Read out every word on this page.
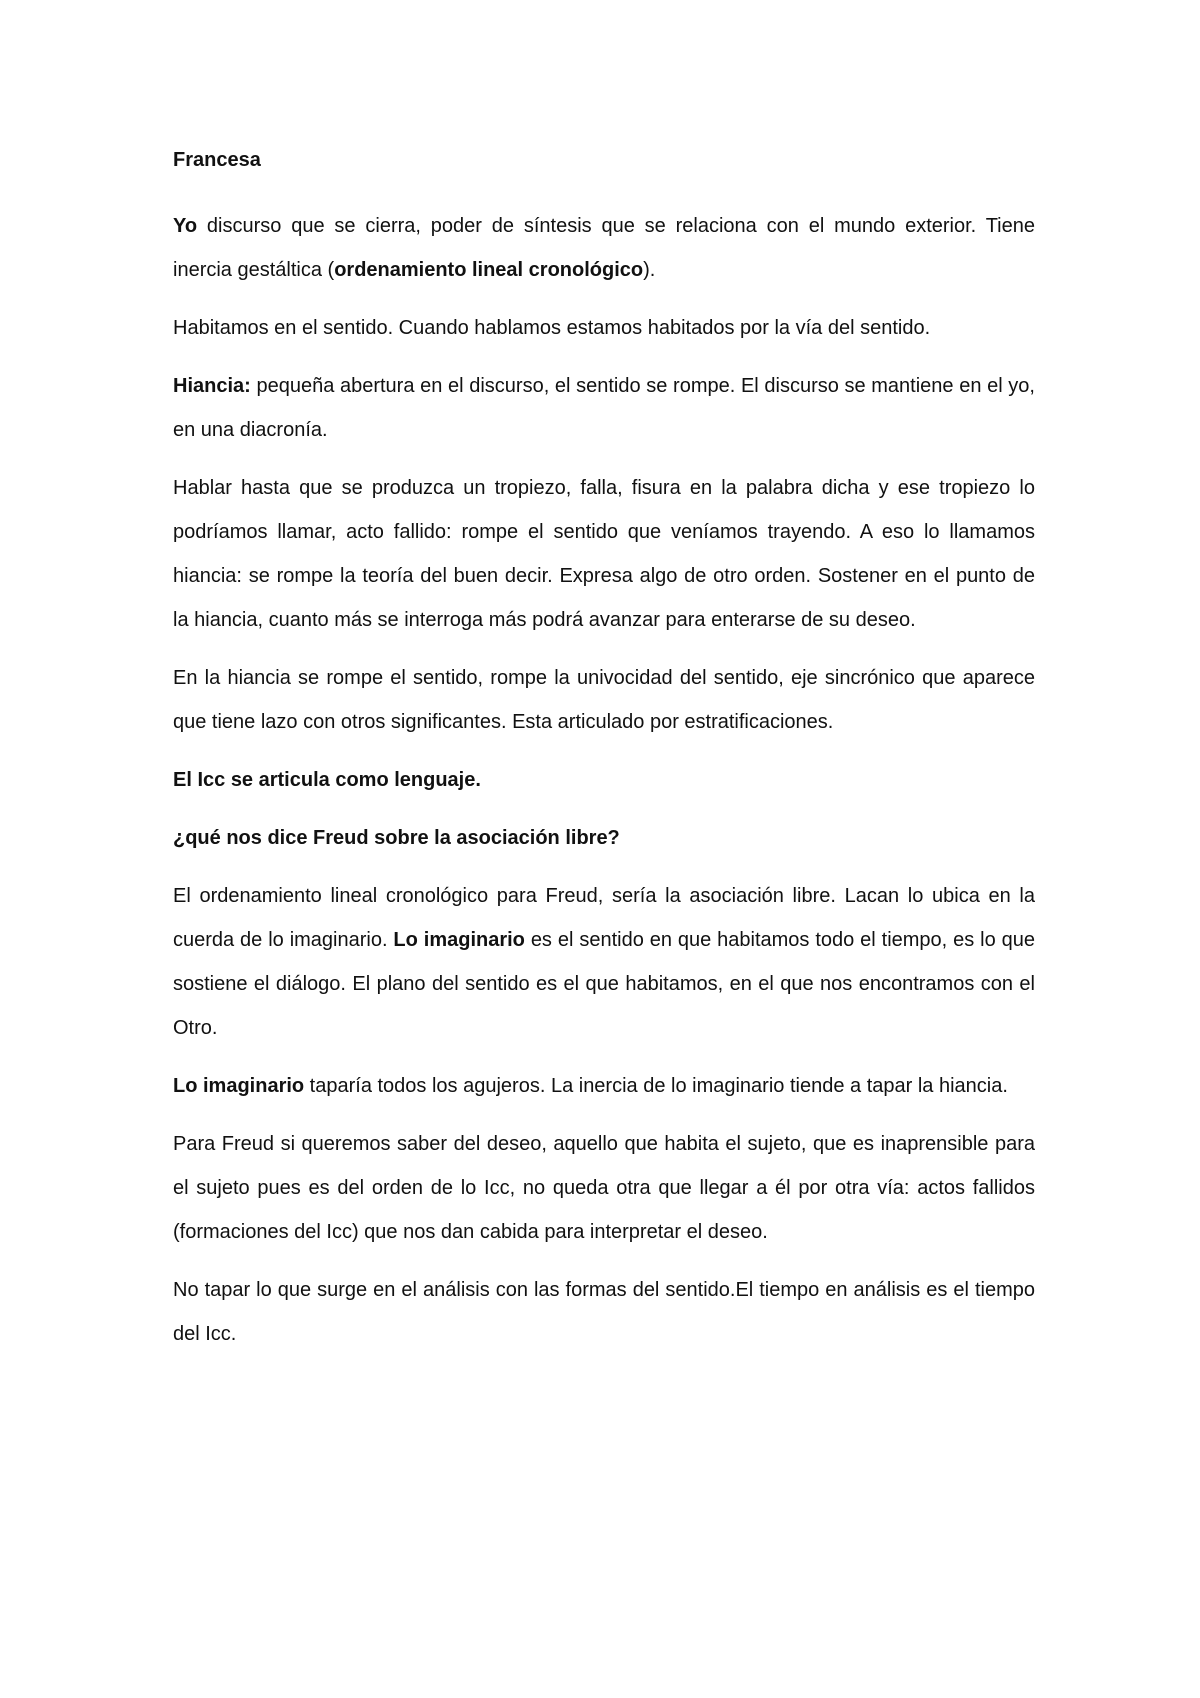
Francesa

Yo discurso que se cierra, poder de síntesis que se relaciona con el mundo exterior. Tiene inercia gestáltica (ordenamiento lineal cronológico).

Habitamos en el sentido. Cuando hablamos estamos habitados por la vía del sentido.

Hiancia: pequeña abertura en el discurso, el sentido se rompe. El discurso se mantiene en el yo, en una diacronía.

Hablar hasta que se produzca un tropiezo, falla, fisura en la palabra dicha y ese tropiezo lo podríamos llamar, acto fallido: rompe el sentido que veníamos trayendo. A eso lo llamamos hiancia: se rompe la teoría del buen decir. Expresa algo de otro orden. Sostener en el punto de la hiancia, cuanto más se interroga más podrá avanzar para enterarse de su deseo.

En la hiancia se rompe el sentido, rompe la univocidad del sentido, eje sincrónico que aparece que tiene lazo con otros significantes. Esta articulado por estratificaciones.

El Icc se articula como lenguaje.

¿qué nos dice Freud sobre la asociación libre?

El ordenamiento lineal cronológico para Freud, sería la asociación libre. Lacan lo ubica en la cuerda de lo imaginario. Lo imaginario es el sentido en que habitamos todo el tiempo, es lo que sostiene el diálogo. El plano del sentido es el que habitamos, en el que nos encontramos con el Otro.

Lo imaginario taparía todos los agujeros. La inercia de lo imaginario tiende a tapar la hiancia.

Para Freud si queremos saber del deseo, aquello que habita el sujeto, que es inaprensible para el sujeto pues es del orden de lo Icc, no queda otra que llegar a él por otra vía: actos fallidos (formaciones del Icc) que nos dan cabida para interpretar el deseo.

No tapar lo que surge en el análisis con las formas del sentido.El tiempo en análisis es el tiempo del Icc.
